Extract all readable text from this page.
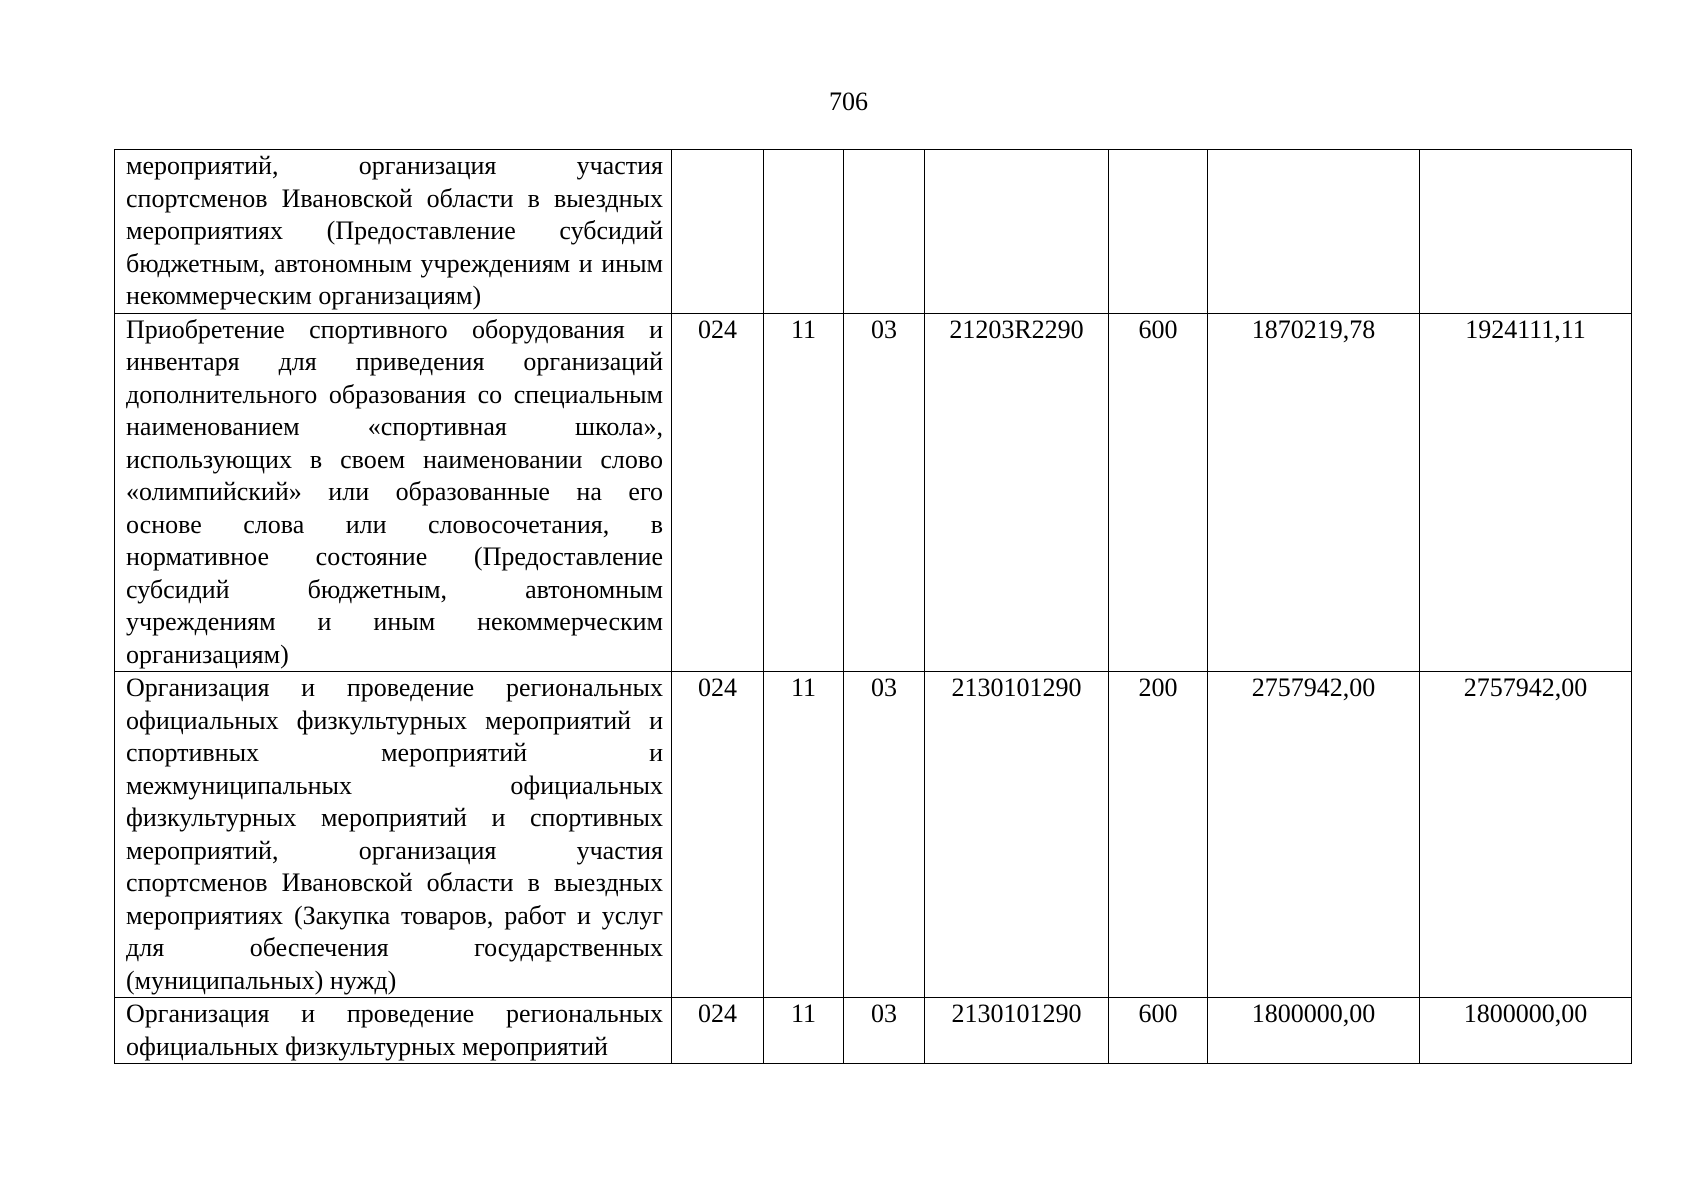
706
мероприятий, организация участия спортсменов Ивановской области в выездных мероприятиях (Предоставление субсидий бюджетным, автономным учреждениям и иным некоммерческим организациям)							
Приобретение спортивного оборудования и инвентаря для приведения организаций дополнительного образования со специальным наименованием «спортивная школа», использующих в своем наименовании слово «олимпийский» или образованные на его основе слова или словосочетания, в нормативное состояние (Предоставление субсидий бюджетным, автономным учреждениям и иным некоммерческим организациям)	024	11	03	21203R2290	600	1870219,78	1924111,11
Организация и проведение региональных официальных физкультурных мероприятий и спортивных мероприятий и межмуниципальных официальных физкультурных мероприятий и спортивных мероприятий, организация участия спортсменов Ивановской области в выездных мероприятиях (Закупка товаров, работ и услуг для обеспечения государственных (муниципальных) нужд)	024	11	03	2130101290	200	2757942,00	2757942,00
Организация и проведение региональных официальных физкультурных мероприятий	024	11	03	2130101290	600	1800000,00	1800000,00
